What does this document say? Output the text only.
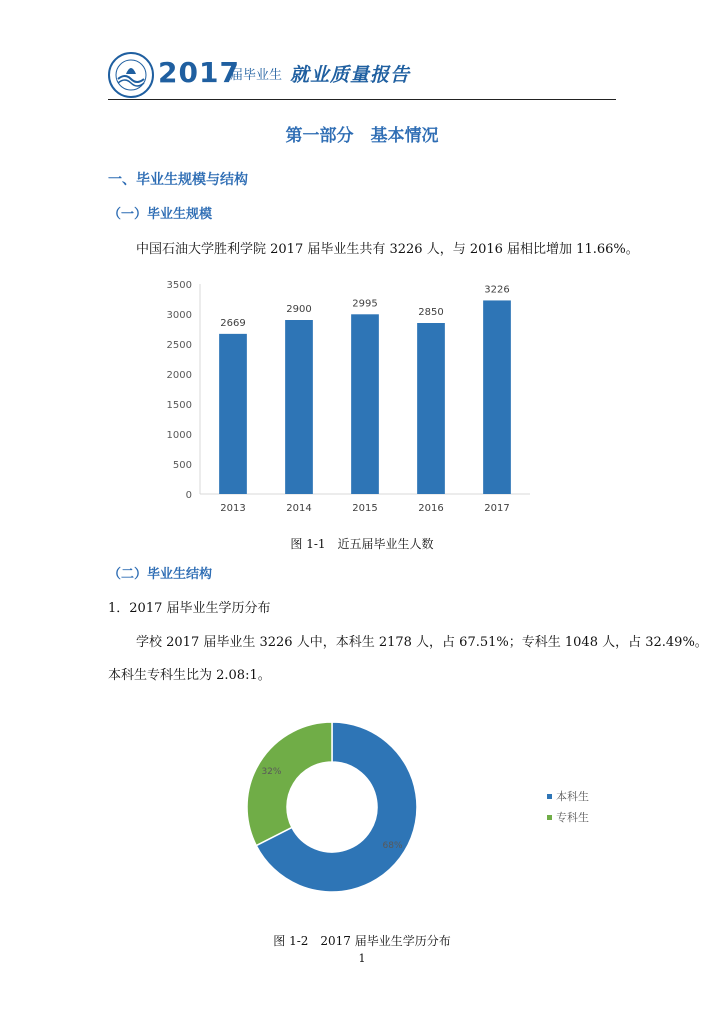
2017
届毕业生 就业质量报告
第一部分　基本情况
一、毕业生规模与结构
（一）毕业生规模
中国石油大学胜利学院 2017 届毕业生共有 3226 人，与 2016 届相比增加 11.66%。
0
500
1000
1500
2000
2500
3000
3500
2669
2013
2900
2014
2995
2015
2850
2016
3226
2017
图 1-1　近五届毕业生人数
（二）毕业生结构
1．2017 届毕业生学历分布
学校 2017 届毕业生 3226 人中，本科生 2178 人，占 67.51%；专科生 1048 人，占 32.49%。
本科生专科生比为 2.08:1。
68%
32%
本科生
专科生
图 1-2　2017 届毕业生学历分布
1
